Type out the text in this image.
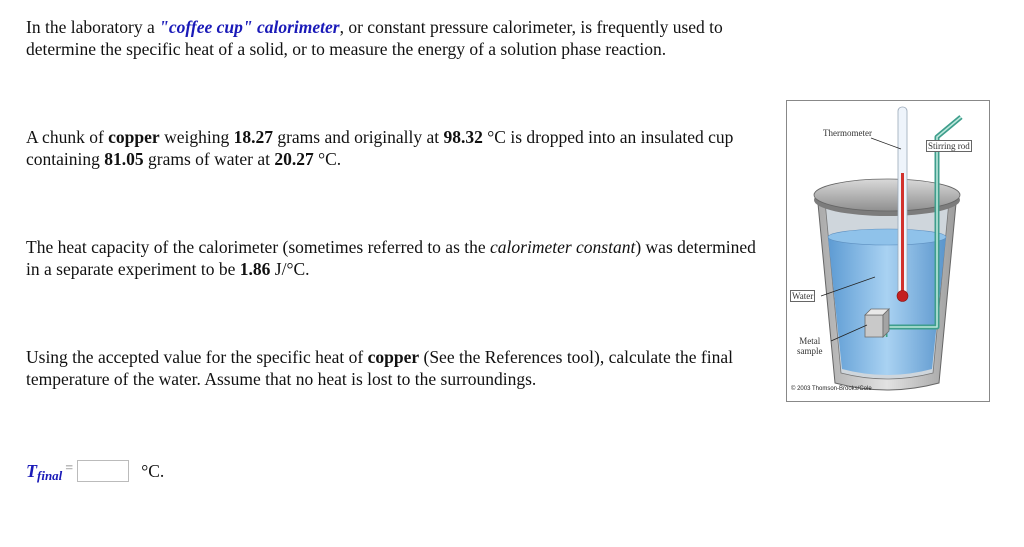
In the laboratory a "coffee cup" calorimeter, or constant pressure calorimeter, is frequently used to determine the specific heat of a solid, or to measure the energy of a solution phase reaction.

A chunk of copper weighing 18.27 grams and originally at 98.32 °C is dropped into an insulated cup containing 81.05 grams of water at 20.27 °C.

The heat capacity of the calorimeter (sometimes referred to as the calorimeter constant) was determined in a separate experiment to be 1.86 J/°C.

Using the accepted value for the specific heat of copper (See the References tool), calculate the final temperature of the water. Assume that no heat is lost to the surroundings.

T final =	°C.
Thermometer
Stirring rod
Water
Metal
sample
© 2003 Thomson-Brooks/Cole
